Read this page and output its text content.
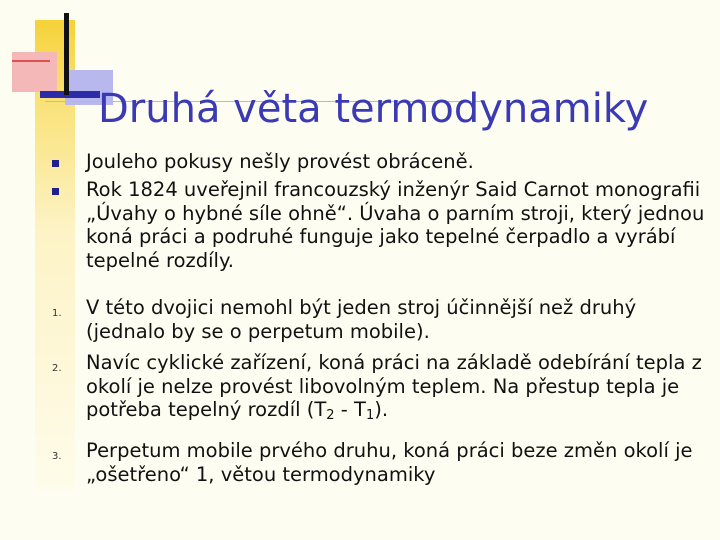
Druhá věta termodynamiky
Jouleho pokusy nešly provést obráceně.
Rok 1824 uveřejnil francouzský inženýr Said Carnot monografii „Úvahy o hybné síle ohně“. Úvaha o parním stroji, který jednou koná práci a podruhé funguje jako tepelné čerpadlo a vyrábí tepelné rozdíly.
1. V této dvojici nemohl být jeden stroj účinnější než druhý (jednalo by se o perpetum mobile).
2. Navíc cyklické zařízení, koná práci na základě odebírání tepla z okolí je nelze provést libovolným teplem. Na přestup tepla je potřeba tepelný rozdíl $(T_2 - T_1)$.
3. Perpetum mobile prvého druhu, koná práci beze změn okolí je „ošetřeno“ 1, větou termodynamiky
